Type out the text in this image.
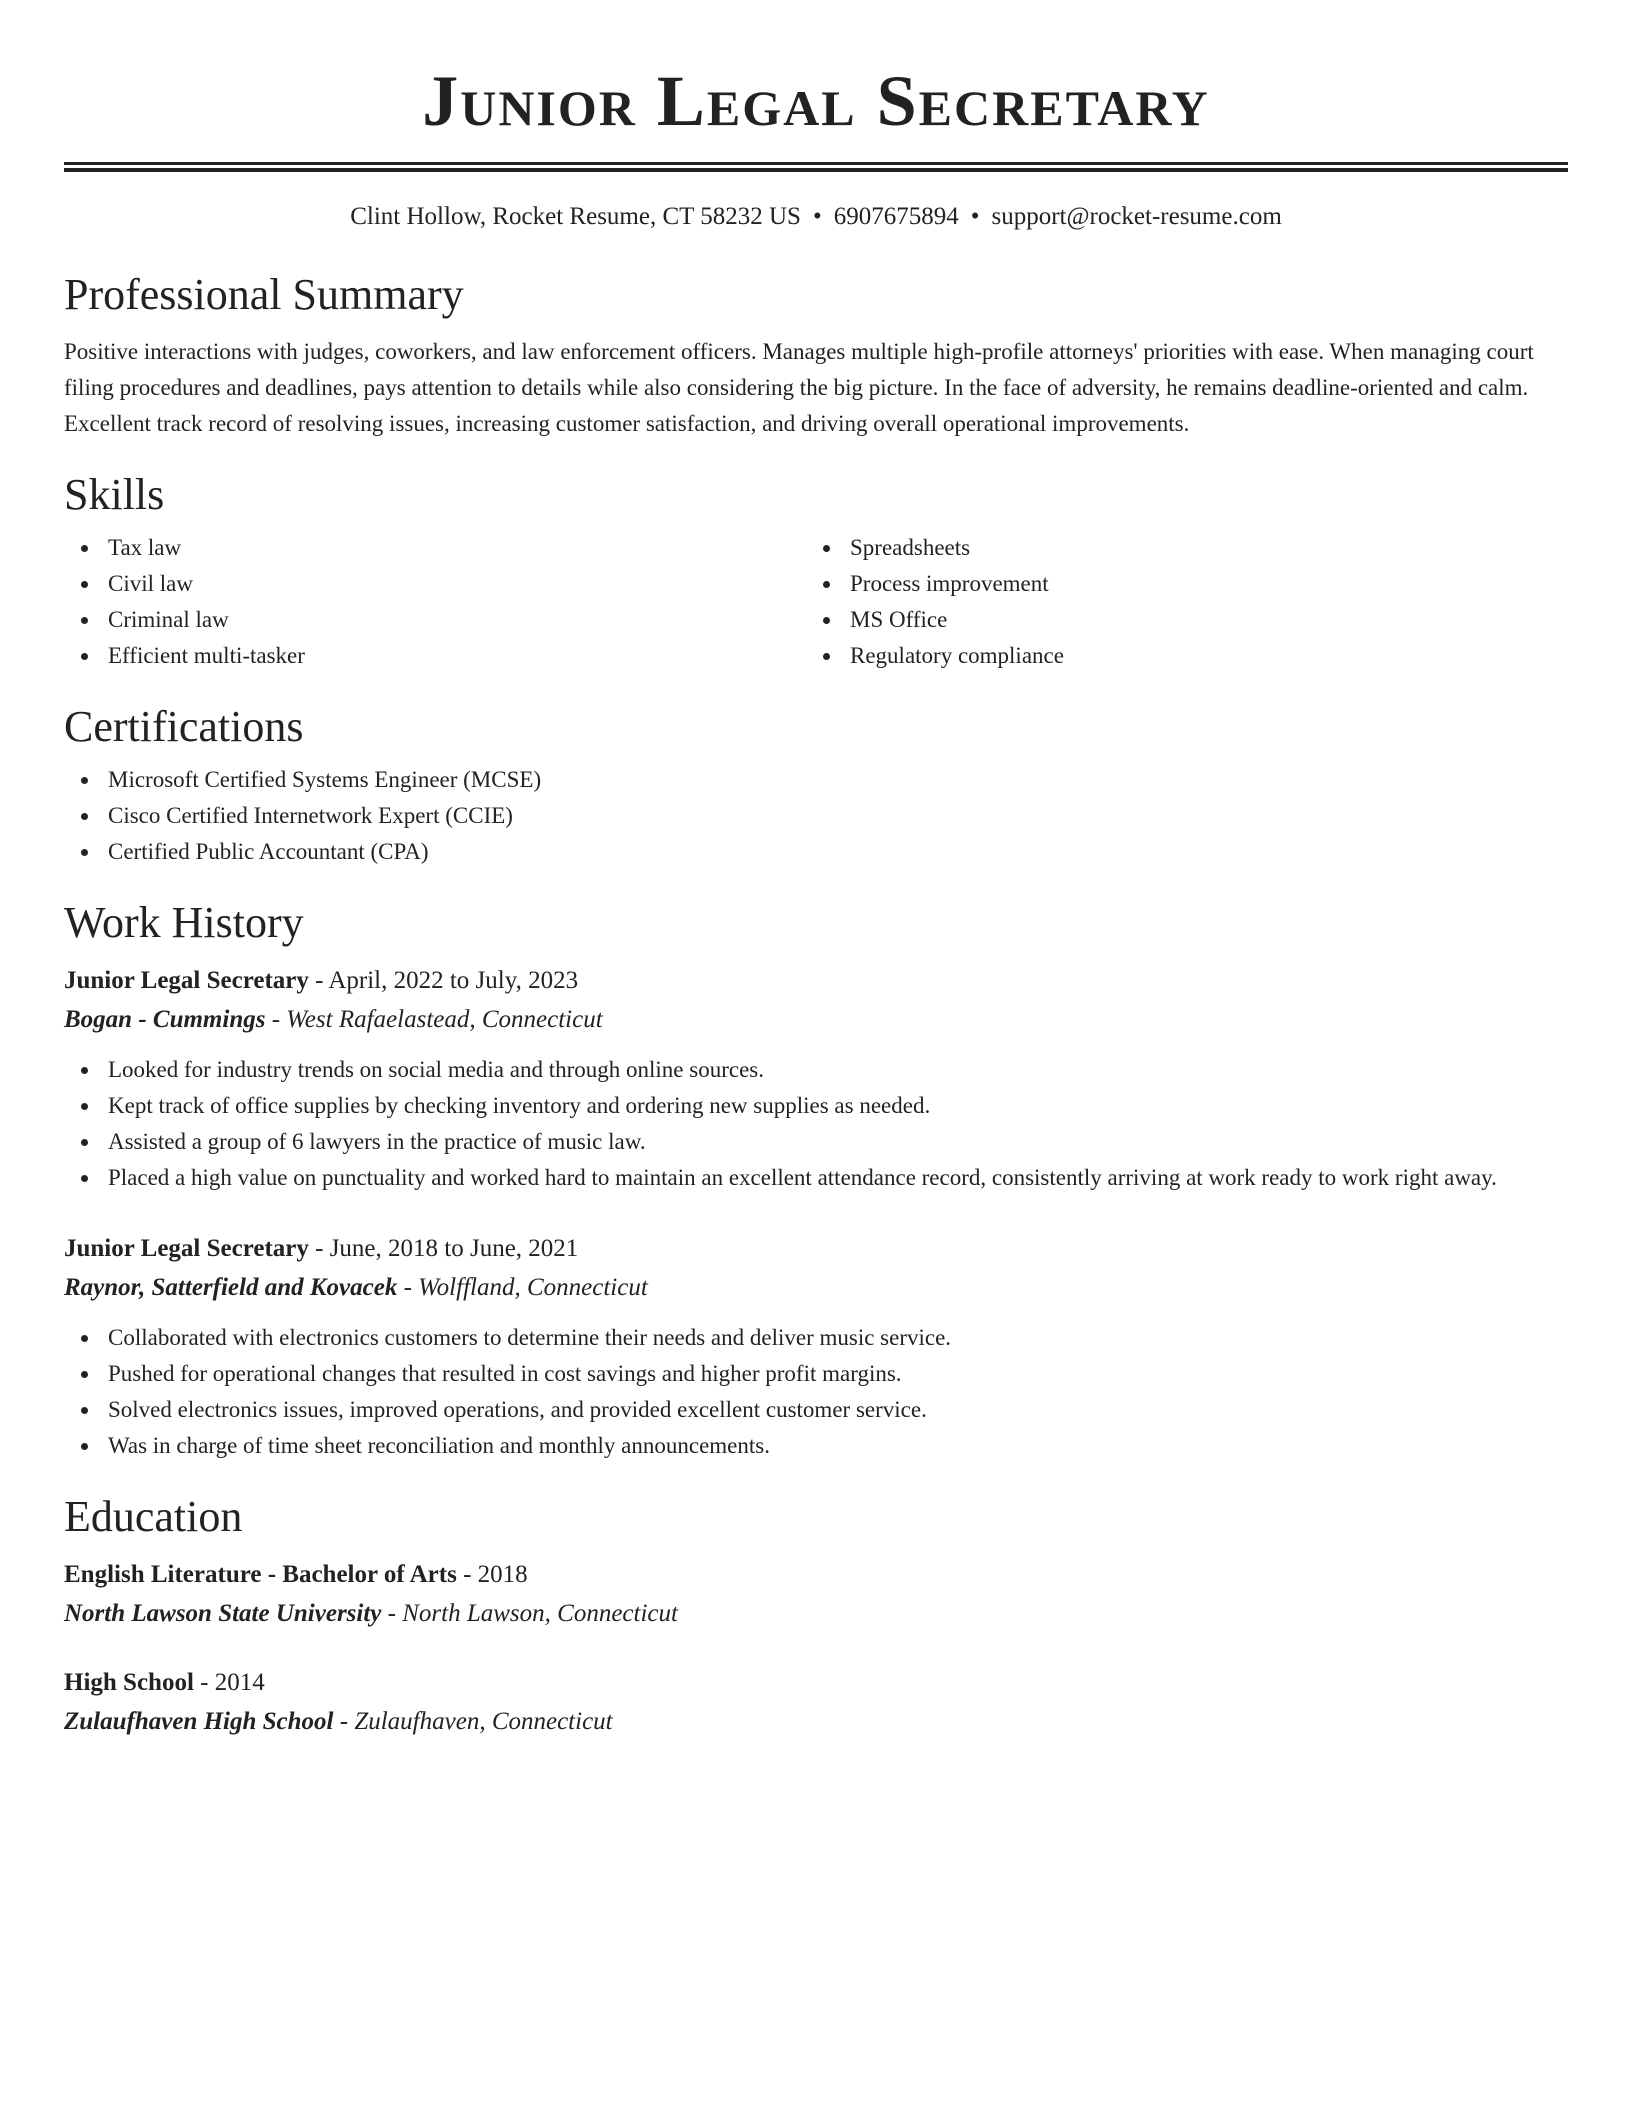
Junior Legal Secretary
Clint Hollow, Rocket Resume, CT 58232 US • 6907675894 • support@rocket-resume.com
Professional Summary

Positive interactions with judges, coworkers, and law enforcement officers. Manages multiple high-profile attorneys' priorities with ease. When managing court filing procedures and deadlines, pays attention to details while also considering the big picture. In the face of adversity, he remains deadline-oriented and calm. Excellent track record of resolving issues, increasing customer satisfaction, and driving overall operational improvements.

Skills
Tax law
Civil law
Criminal law
Efficient multi-tasker
Spreadsheets
Process improvement
MS Office
Regulatory compliance
Certifications
Microsoft Certified Systems Engineer (MCSE)
Cisco Certified Internetwork Expert (CCIE)
Certified Public Accountant (CPA)
Work History
Junior Legal Secretary - April, 2022 to July, 2023
Bogan - Cummings - West Rafaelastead, Connecticut
Looked for industry trends on social media and through online sources.
Kept track of office supplies by checking inventory and ordering new supplies as needed.
Assisted a group of 6 lawyers in the practice of music law.
Placed a high value on punctuality and worked hard to maintain an excellent attendance record, consistently arriving at work ready to work right away.
Junior Legal Secretary - June, 2018 to June, 2021
Raynor, Satterfield and Kovacek - Wolffland, Connecticut
Collaborated with electronics customers to determine their needs and deliver music service.
Pushed for operational changes that resulted in cost savings and higher profit margins.
Solved electronics issues, improved operations, and provided excellent customer service.
Was in charge of time sheet reconciliation and monthly announcements.
Education
English Literature - Bachelor of Arts - 2018
North Lawson State University - North Lawson, Connecticut
High School - 2014
Zulaufhaven High School - Zulaufhaven, Connecticut
